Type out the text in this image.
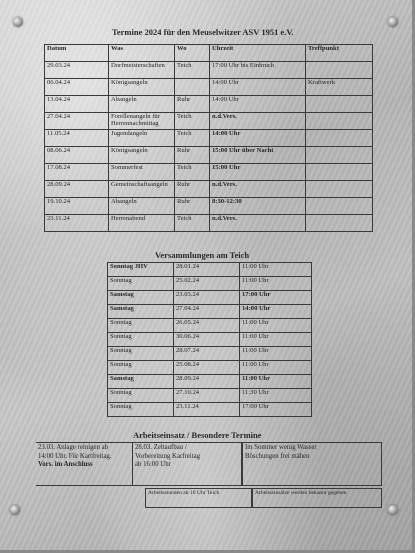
Termine 2024 für den Meuselwitzer ASV 1951 e.V.
Datum	Was	Wo	Uhrzeit	Treffpunkt
29.03.24	Dorfmeisterschaften	Teich	17:00 Uhr bis Einbruch	
06.04.24	Königsangeln		14:00 Uhr	Kraftwerk
13.04.24	Abangeln	Ruhr	14:00 Uhr	
27.04.24	Forellenangeln für Herrennachmittag	Teich	n.d.Vers.	
11.05.24	Jugendangeln	Teich	14:00 Uhr	
08.06.24	Königsangeln	Ruhr	15:00 Uhr über Nacht	
17.08.24	Sommerfest	Teich	15:00 Uhr	
28.09.24	Gemeinschaftsangeln	Ruhr	n.d.Vers.	
19.10.24	Abangeln	Ruhr	8:30-12:30	
23.11.24	Herrenabend	Teich	n.d.Vers.	
Versammlungen am Teich
Sonntag JHV	28.01.24	11:00 Uhr
Sonntag	25.02.24	11:00 Uhr
Samstag	23.03.24	17:00 Uhr
Samstag	27.04.24	14:00 Uhr
Sonntag	26.05.24	11:00 Uhr
Sonntag	30.06.24	11:00 Uhr
Sonntag	28.07.24	11:00 Uhr
Sonntag	25.08.24	11:00 Uhr
Samstag	28.09.24	11:00 Uhr
Sonntag	27.10.24	11:30 Uhr
Sonntag	23.11.24	17:00 Uhr
Arbeitseinsatz / Besondere Termine
23.03. Anlage reinigen ab
14:00 Uhr. Für Kartfreitag.
Vors. im Anschluss
28.03. Zeltaufbau /
Vorbereitung Karfreitag
ab 16:00 Uhr
Im Sommer wenig Wasser
Böschungen frei mähen
Arbeitsstunden ab 10 Uhr Teich	Arbeitseinsätze werden bekannt gegeben
